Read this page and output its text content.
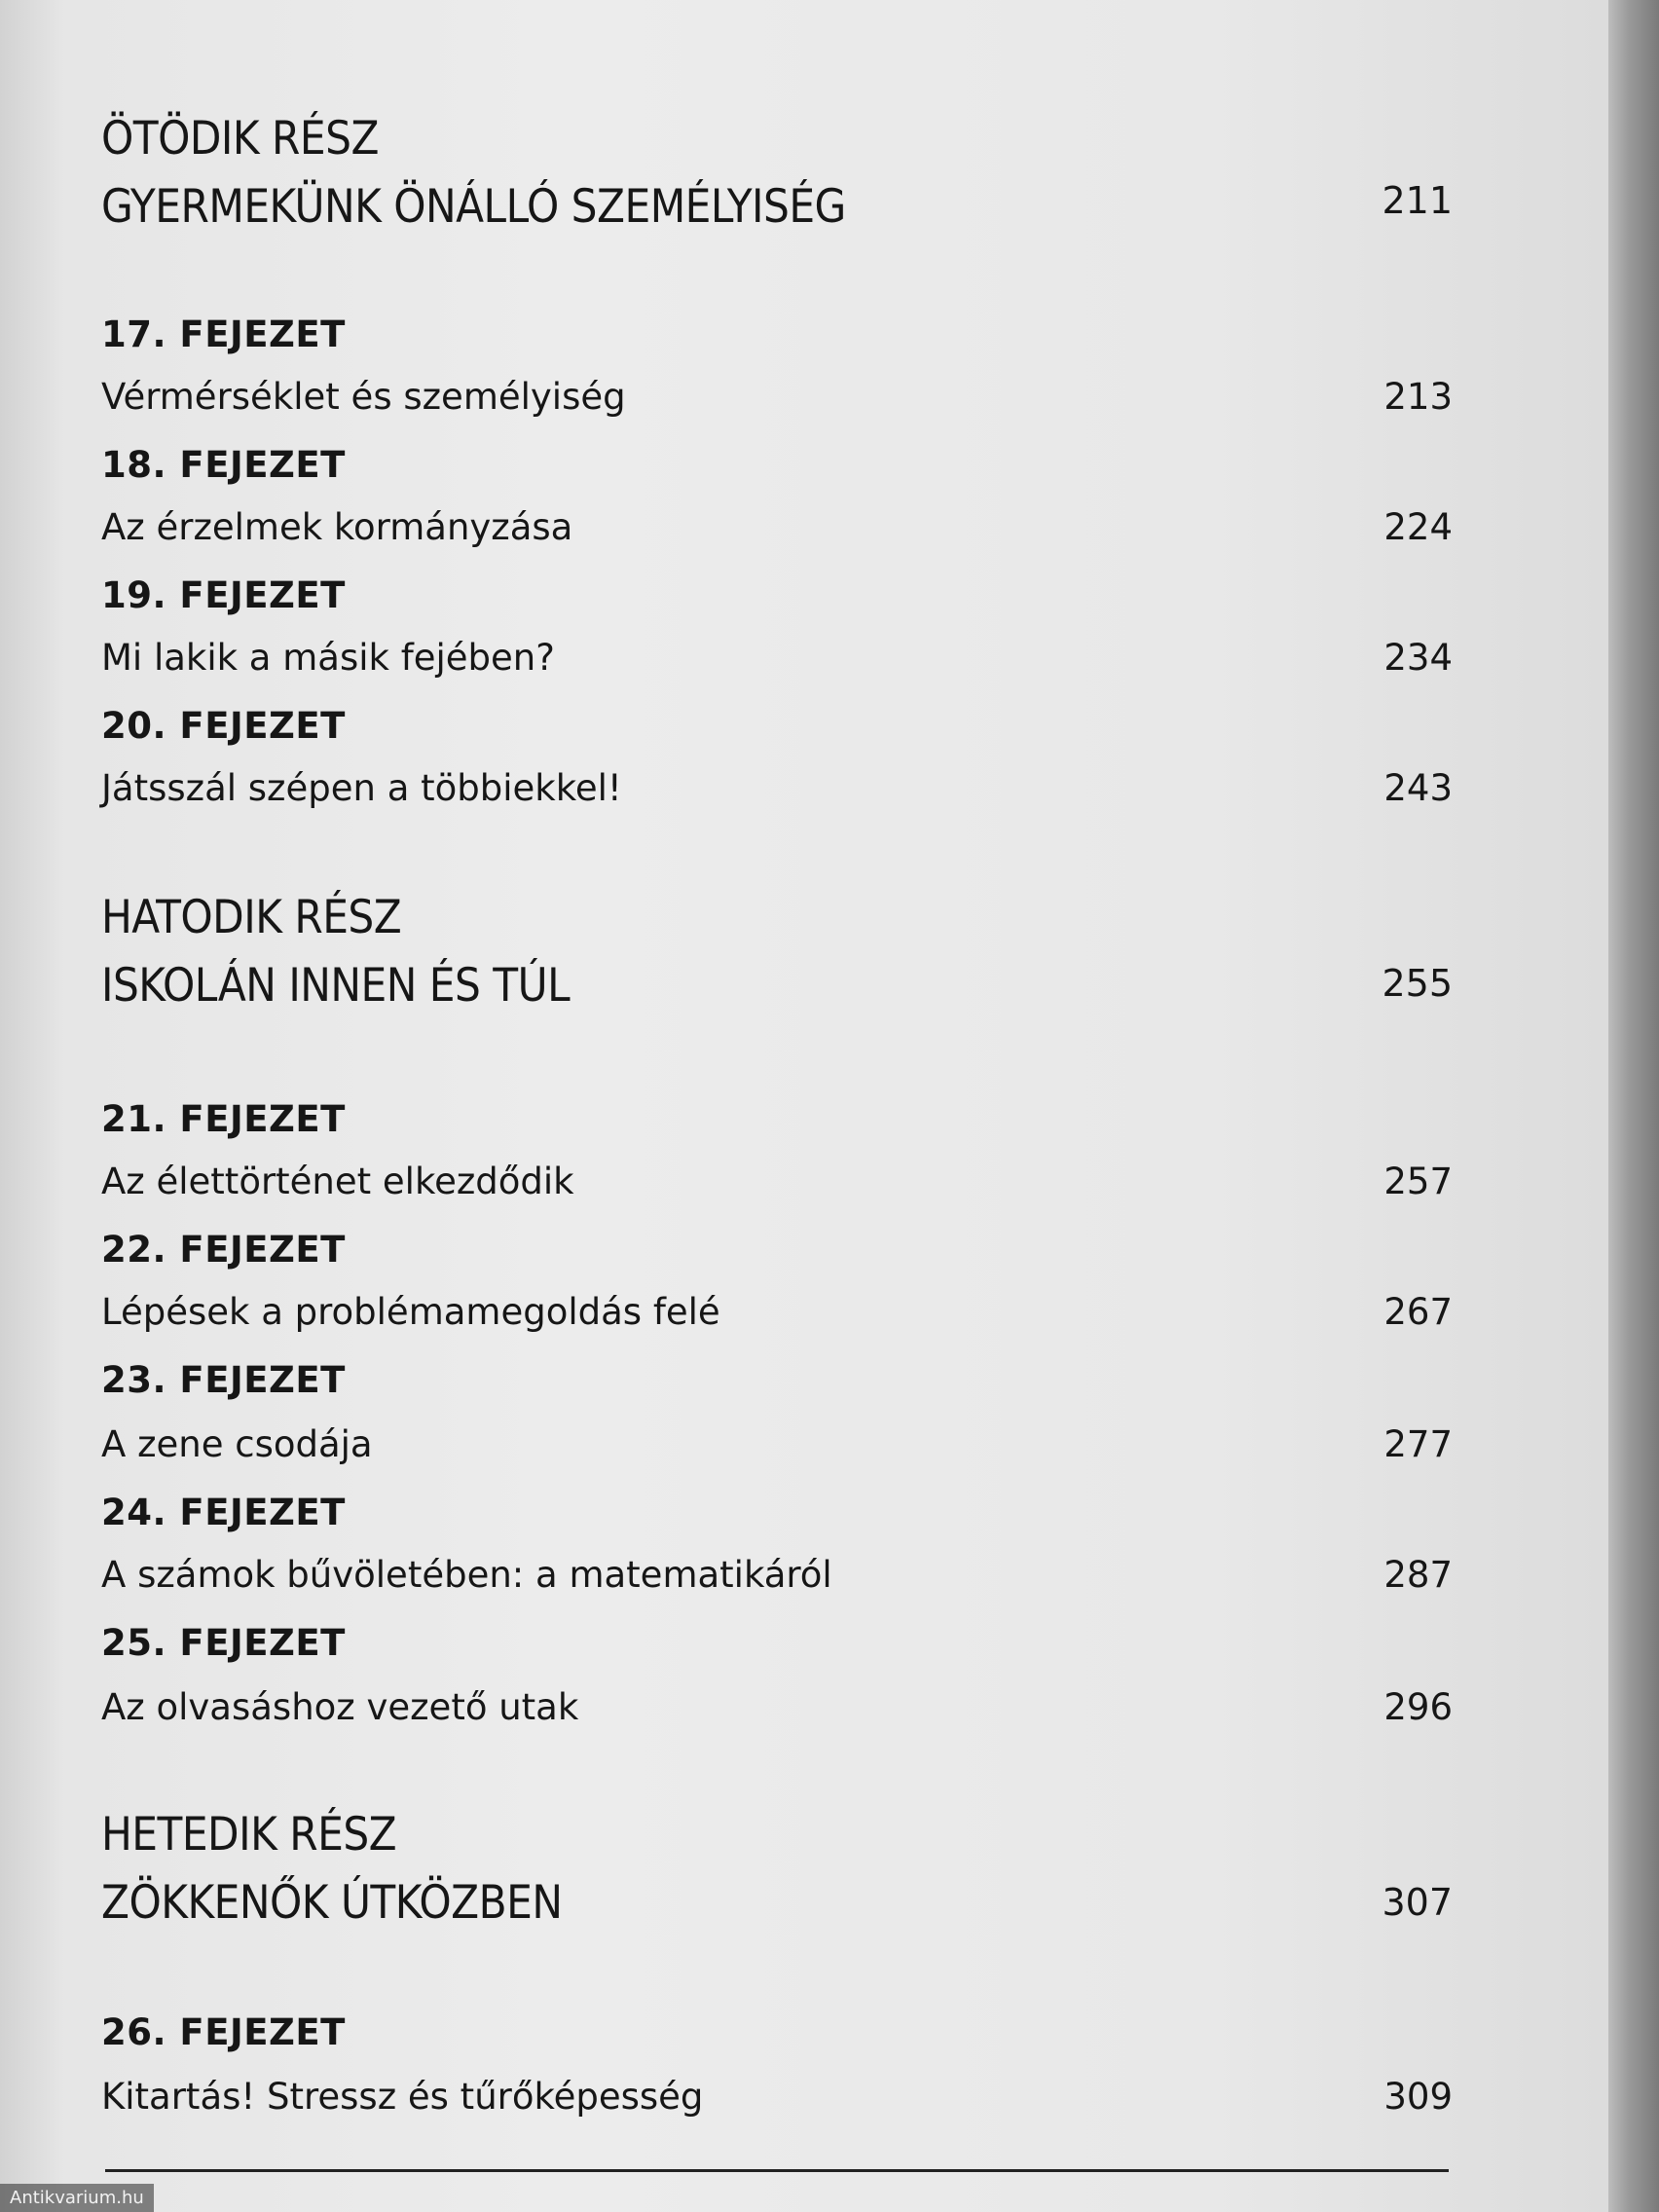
ÖTÖDIK RÉSZ
GYERMEKÜNK ÖNÁLLÓ SZEMÉLYISÉG	211
17. FEJEZET
Vérmérséklet és személyiség	213
18. FEJEZET
Az érzelmek kormányzása	224
19. FEJEZET
Mi lakik a másik fejében?	234
20. FEJEZET
Játsszál szépen a többiekkel!	243
HATODIK RÉSZ
ISKOLÁN INNEN ÉS TÚL	255
21. FEJEZET
Az élettörténet elkezdődik	257
22. FEJEZET
Lépések a problémamegoldás felé	267
23. FEJEZET
A zene csodája	277
24. FEJEZET
A számok bűvöletében: a matematikáról	287
25. FEJEZET
Az olvasáshoz vezető utak	296
HETEDIK RÉSZ
ZÖKKENŐK ÚTKÖZBEN	307
26. FEJEZET
Kitartás! Stressz és tűrőképesség	309
Antikvarium.hu
